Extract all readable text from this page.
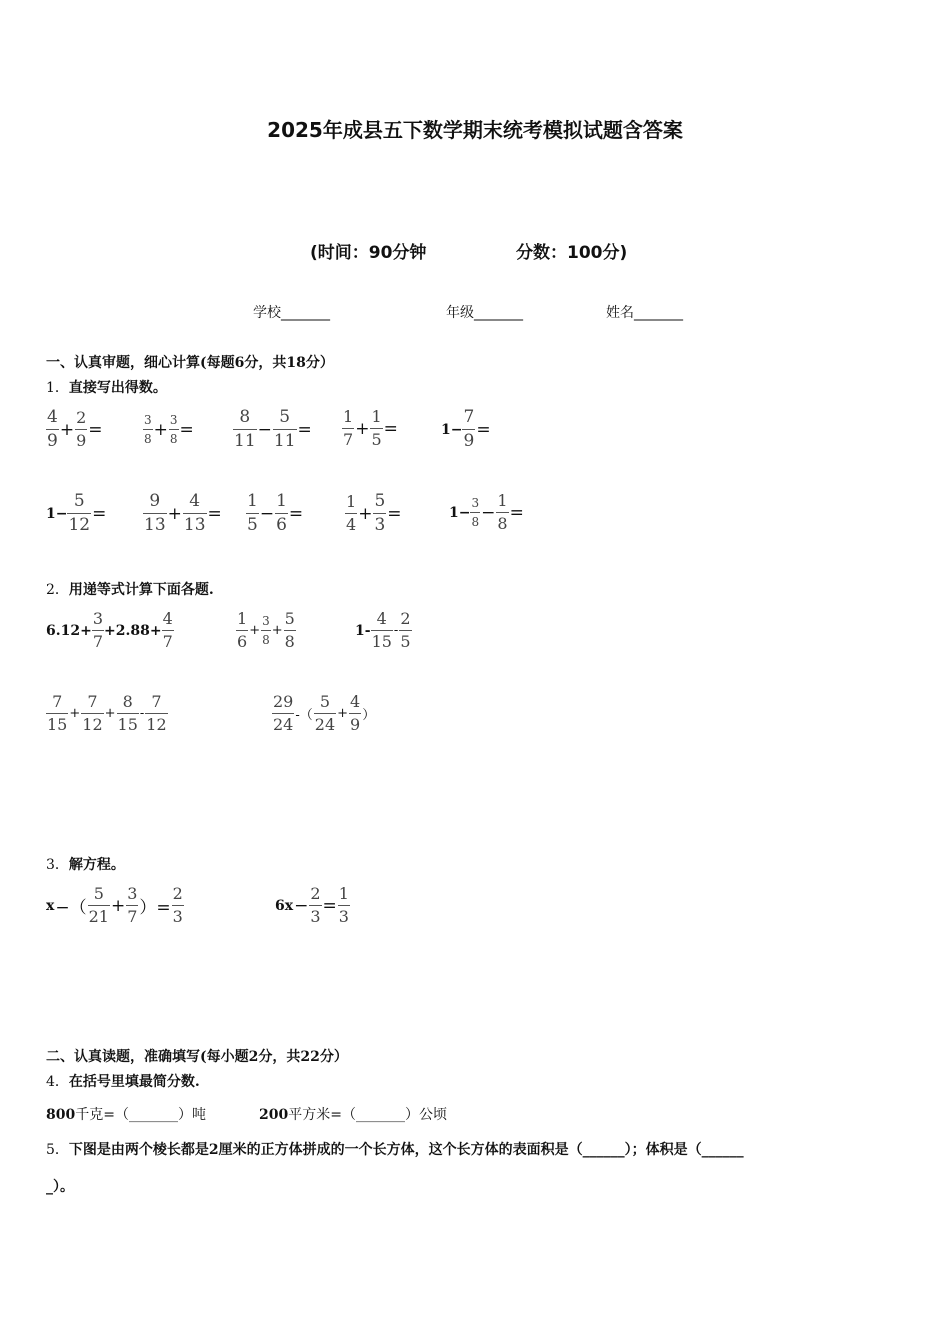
2025年成县五下数学期末统考模拟试题含答案
(时间：90分钟	分数：100分)
学校_______	年级_______	姓名_______
一、认真审题，细心计算(每题6分，共18分）
1．直接写出得数。
$\frac{4}{9} + \frac{2}{9}$ =	$\frac{3}{8} + \frac{3}{8} = \frac{8}{11} - \frac{5}{11} = \frac{1}{7} + \frac{1}{5}$ =	$1- \frac{7}{9}$ =
$1- \frac{5}{12} = \frac{9}{13} + \frac{4}{13} = \frac{1}{5} - \frac{1}{6}$ =	$\frac{1}{4} + \frac{5}{3}$ =	$1- \frac{3}{8} - \frac{1}{8}$ =
2．用递等式计算下面各题.
$6.12+ \frac{3}{7} +2.88+ \frac{4}{7}$	$\frac{1}{6} + \frac{3}{8} + \frac{5}{8}$	$1- \frac{4}{15} - \frac{2}{5}$
$\frac{7}{15} + \frac{7}{12} + \frac{8}{15} - \frac{7}{12}$	$\frac{29}{24}$ -（ $\frac{5}{24} + \frac{4}{9}$ ）
3．解方程。
x −（ $\frac{5}{21} + \frac{3}{7}$ ）= $\frac{2}{3}$	$6x - \frac{2}{3} = \frac{1}{3}$
二、认真读题，准确填写(每小题2分，共22分）
4．在括号里填最简分数.
800千克=（_______）吨	200平方米=（_______）公顷
5．下图是由两个棱长都是2厘米的正方体拼成的一个长方体，这个长方体的表面积是（______）；体积是（______
_）。
